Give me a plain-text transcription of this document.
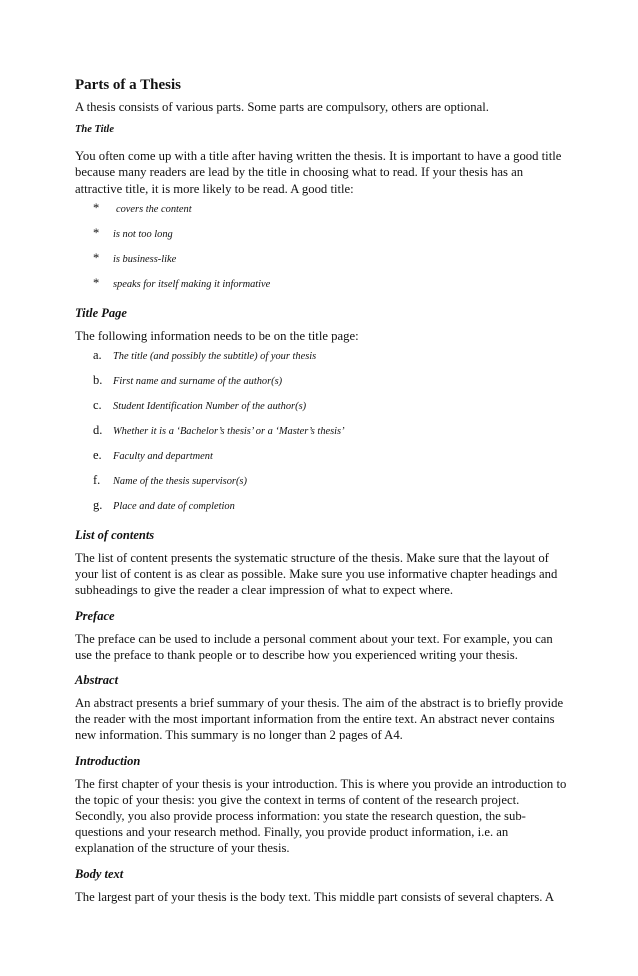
Parts of a Thesis

A thesis consists of various parts. Some parts are compulsory, others are optional.

The Title

You often come up with a title after having written the thesis. It is important to have a good title
because many readers are lead by the title in choosing what to read. If your thesis has an
attractive title, it is more likely to be read. A good title:

*	covers the content
*	is not too long
*	is business-like
*	speaks for itself making it informative
Title Page

The following information needs to be on the title page:

a.	The title (and possibly the subtitle) of your thesis
b.	First name and surname of the author(s)
c.	Student Identification Number of the author(s)
d.	Whether it is a ‘Bachelor’s thesis’ or a ‘Master’s thesis’
e.	Faculty and department
f.	Name of the thesis supervisor(s)
g.	Place and date of completion
List of contents

The list of content presents the systematic structure of the thesis. Make sure that the layout of
your list of content is as clear as possible. Make sure you use informative chapter headings and
subheadings to give the reader a clear impression of what to expect where.

Preface

The preface can be used to include a personal comment about your text. For example, you can
use the preface to thank people or to describe how you experienced writing your thesis.

Abstract

An abstract presents a brief summary of your thesis. The aim of the abstract is to briefly provide
the reader with the most important information from the entire text. An abstract never contains
new information. This summary is no longer than 2 pages of A4.

Introduction

The first chapter of your thesis is your introduction. This is where you provide an introduction to
the topic of your thesis: you give the context in terms of content of the research project.
Secondly, you also provide process information: you state the research question, the sub-
questions and your research method. Finally, you provide product information, i.e. an
explanation of the structure of your thesis.

Body text

The largest part of your thesis is the body text. This middle part consists of several chapters. A
